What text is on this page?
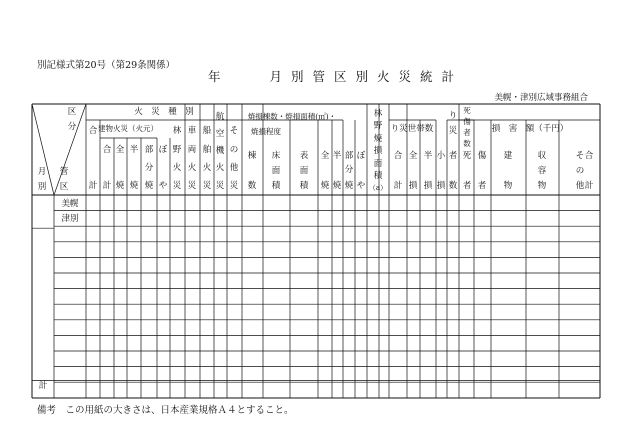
別記様式第20号（第29条関係）
年	月別管区別火災統計
美幌・津別広域事務組合
区
分
月
別
管
区
火　災　種　別
合
計
建物火災（火元）
合
計
全
焼
半
焼
部
分
焼
ぼ
や
林
野
火
災
車
両
火
災
船
舶
火
災
航
空
機
火
災
そ
の
他
災
焼損棟数・焼損面積(㎡)・
焼損程度
棟
数
床
面
積
表
面
積
全
焼
半
焼
部
分
焼
ぼ
や
林
野
焼
損
面
積
（a）
り災世帯数
合
計
全
損
半
損
小
損
り
災
者
数
死
傷
者
数
死
者
傷
者
損　害　額（千円）
建
物
収
容
物
そ
の
他
合
計
美幌
津別
計
備考　この用紙の大きさは、日本産業規格Ａ４とすること。
